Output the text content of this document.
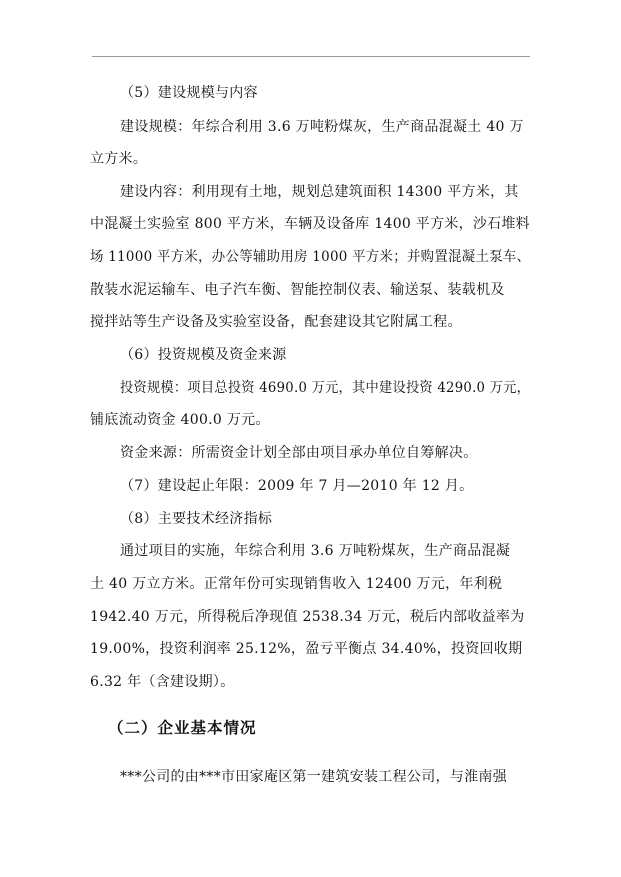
（5）建设规模与内容
建设规模：年综合利用 3.6 万吨粉煤灰，生产商品混凝土 40 万
立方米。
建设内容：利用现有土地，规划总建筑面积 14300 平方米，其
中混凝土实验室 800 平方米，车辆及设备库 1400 平方米，沙石堆料
场 11000 平方米，办公等辅助用房 1000 平方米；并购置混凝土泵车、
散装水泥运输车、电子汽车衡、智能控制仪表、输送泵、装载机及
搅拌站等生产设备及实验室设备，配套建设其它附属工程。
（6）投资规模及资金来源
投资规模：项目总投资 4690.0 万元，其中建设投资 4290.0 万元，
铺底流动资金 400.0 万元。
资金来源：所需资金计划全部由项目承办单位自筹解决。
（7）建设起止年限：2009 年 7 月—2010 年 12 月。
（8）主要技术经济指标
通过项目的实施，年综合利用 3.6 万吨粉煤灰，生产商品混凝
土 40 万立方米。正常年份可实现销售收入 12400 万元，年利税
1942.40 万元，所得税后净现值 2538.34 万元，税后内部收益率为
19.00%，投资利润率 25.12%，盈亏平衡点 34.40%，投资回收期
6.32 年（含建设期）。
（二）企业基本情况
***公司的由***市田家庵区第一建筑安装工程公司，与淮南强
